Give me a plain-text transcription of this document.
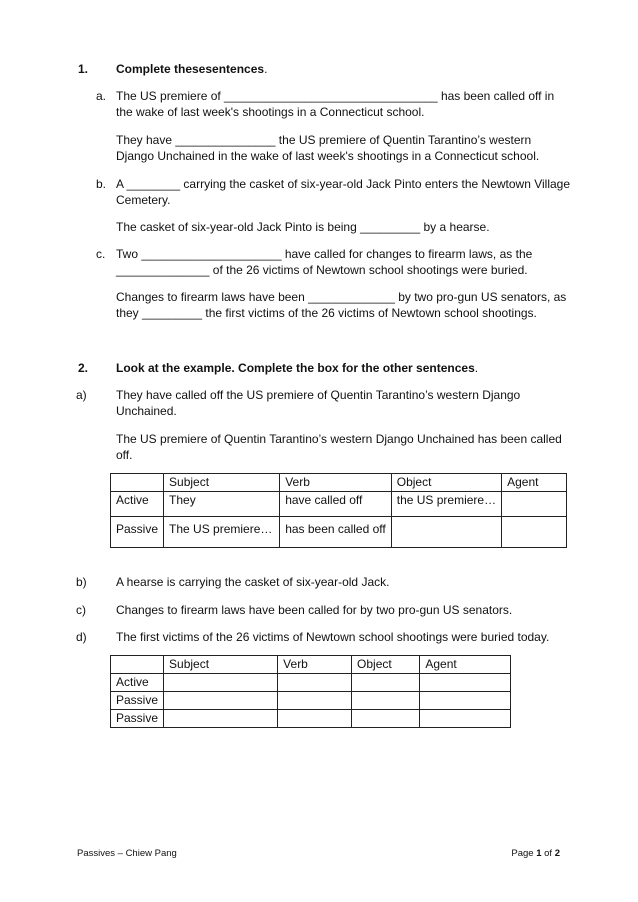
1. Complete thesesentences.
a. The US premiere of ________________________________ has been called off in
the wake of last week's shootings in a Connecticut school.
They have _______________ the US premiere of Quentin Tarantino’s western
Django Unchained in the wake of last week's shootings in a Connecticut school.
b. A ________ carrying the casket of six-year-old Jack Pinto enters the Newtown Village
Cemetery.
The casket of six-year-old Jack Pinto is being _________ by a hearse.
c. Two _____________________ have called for changes to firearm laws, as the
______________ of the 26 victims of Newtown school shootings were buried.
Changes to firearm laws have been _____________ by two pro-gun US senators, as
they _________ the first victims of the 26 victims of Newtown school shootings.
2. Look at the example. Complete the box for the other sentences.
a) They have called off the US premiere of Quentin Tarantino’s western Django
Unchained.
The US premiere of Quentin Tarantino’s western Django Unchained has been called
off.
	Subject	Verb	Object	Agent
Active	They	have called off	the US premiere…	
Passive	The US premiere…	has been called off		
b) A hearse is carrying the casket of six-year-old Jack.
c)	Changes to firearm laws have been called for by two pro-gun US senators.
d) The first victims of the 26 victims of Newtown school shootings were buried today.
	Subject	Verb	Object	Agent
Active				
Passive				
Passive				
Passives – Chiew Pang	Page 1 of 2
